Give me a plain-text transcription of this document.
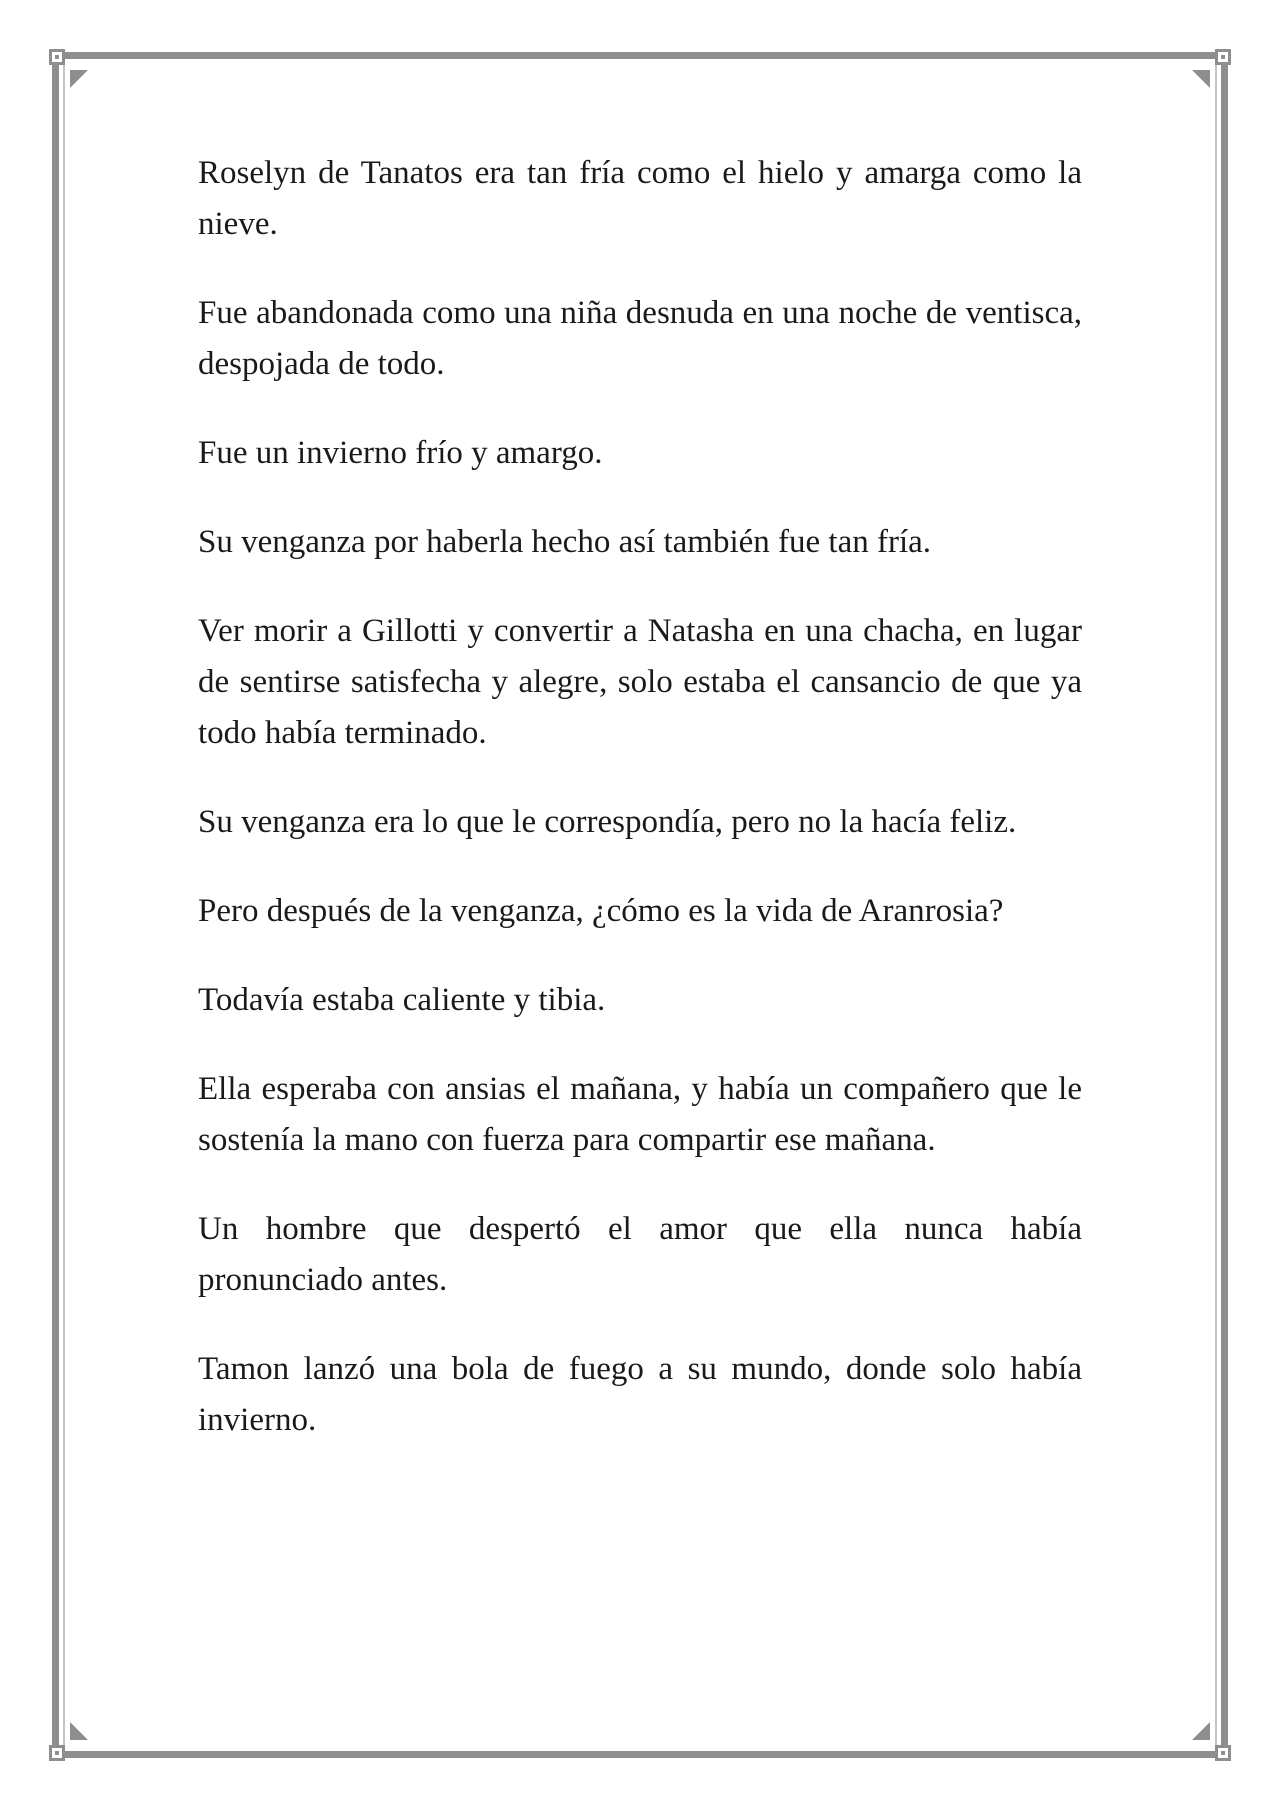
Roselyn de Tanatos era tan fría como el hielo y amarga como la nieve.

Fue abandonada como una niña desnuda en una noche de ventisca, despojada de todo.

Fue un invierno frío y amargo.

Su venganza por haberla hecho así también fue tan fría.

Ver morir a Gillotti y convertir a Natasha en una chacha, en lugar de sentirse satisfecha y alegre, solo estaba el cansancio de que ya todo había terminado.

Su venganza era lo que le correspondía, pero no la hacía feliz.

Pero después de la venganza, ¿cómo es la vida de Aranrosia?

Todavía estaba caliente y tibia.

Ella esperaba con ansias el mañana, y había un compañero que le sostenía la mano con fuerza para compartir ese mañana.

Un hombre que despertó el amor que ella nunca había pronunciado antes.

Tamon lanzó una bola de fuego a su mundo, donde solo había invierno.
